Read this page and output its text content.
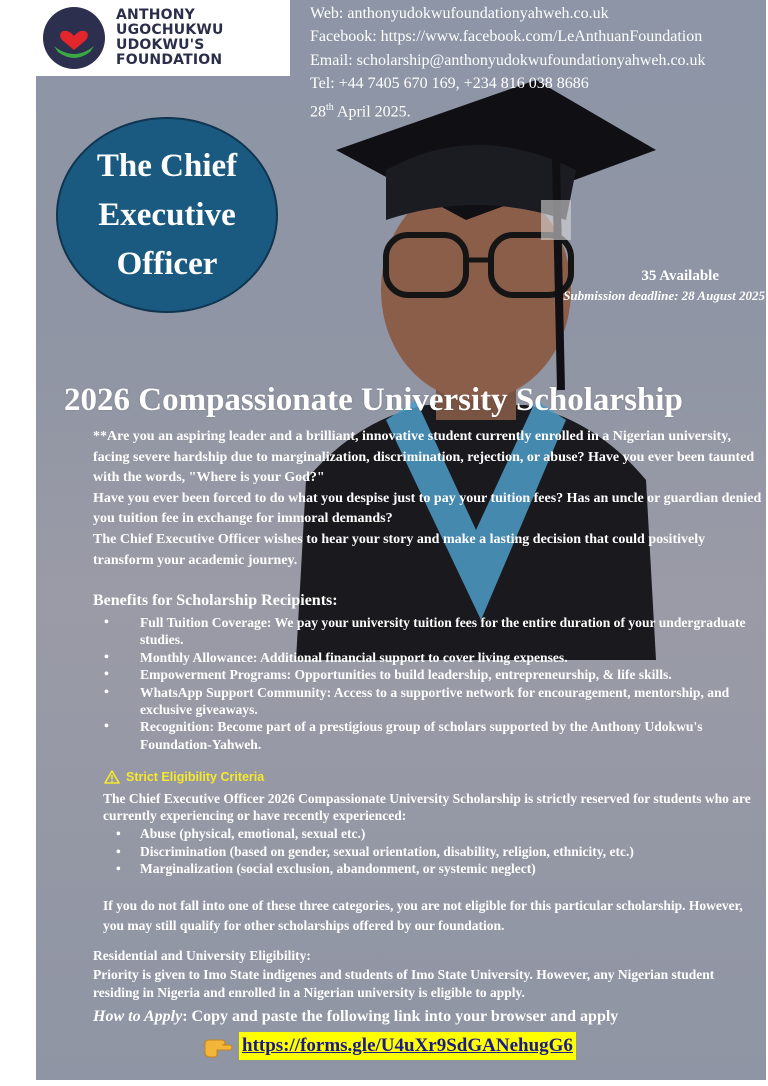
ANTHONY
UGOCHUKWU
UDOKWU'S
FOUNDATION
Web: anthonyudokwufoundationyahweh.co.uk
Facebook: https://www.facebook.com/LeAnthuanFoundation
Email: scholarship@anthonyudokwufoundationyahweh.co.uk
Tel: +44 7405 670 169, +234 816 038 8686
28th April 2025.
The Chief Executive Officer	35 Available
Submission deadline: 28 August 2025
2026 Compassionate University Scholarship

**Are you an aspiring leader and a brilliant, innovative student currently enrolled in a Nigerian university, facing severe hardship due to marginalization, discrimination, rejection, or abuse? Have you ever been taunted with the words, "Where is your God?"

Have you ever been forced to do what you despise just to pay your tuition fees? Has an uncle or guardian denied you tuition fee in exchange for immoral demands?

The Chief Executive Officer wishes to hear your story and make a lasting decision that could positively transform your academic journey.

Benefits for Scholarship Recipients:
• Full Tuition Coverage: We pay your university tuition fees for the entire duration of your undergraduate studies.
• Monthly Allowance: Additional financial support to cover living expenses.
• Empowerment Programs: Opportunities to build leadership, entrepreneurship, & life skills.
• WhatsApp Support Community: Access to a supportive network for encouragement, mentorship, and exclusive giveaways.
• Recognition: Become part of a prestigious group of scholars supported by the Anthony Udokwu's Foundation-Yahweh.
Strict Eligibility Criteria
The Chief Executive Officer 2026 Compassionate University Scholarship is strictly reserved for students who are currently experiencing or have recently experienced:
• Abuse (physical, emotional, sexual etc.)
• Discrimination (based on gender, sexual orientation, disability, religion, ethnicity, etc.)
• Marginalization (social exclusion, abandonment, or systemic neglect)
If you do not fall into one of these three categories, you are not eligible for this particular scholarship. However, you may still qualify for other scholarships offered by our foundation.
Residential and University Eligibility:
Priority is given to Imo State indigenes and students of Imo State University. However, any Nigerian student residing in Nigeria and enrolled in a Nigerian university is eligible to apply.
How to Apply: Copy and paste the following link into your browser and apply
https://forms.gle/U4uXr9SdGANehugG6
